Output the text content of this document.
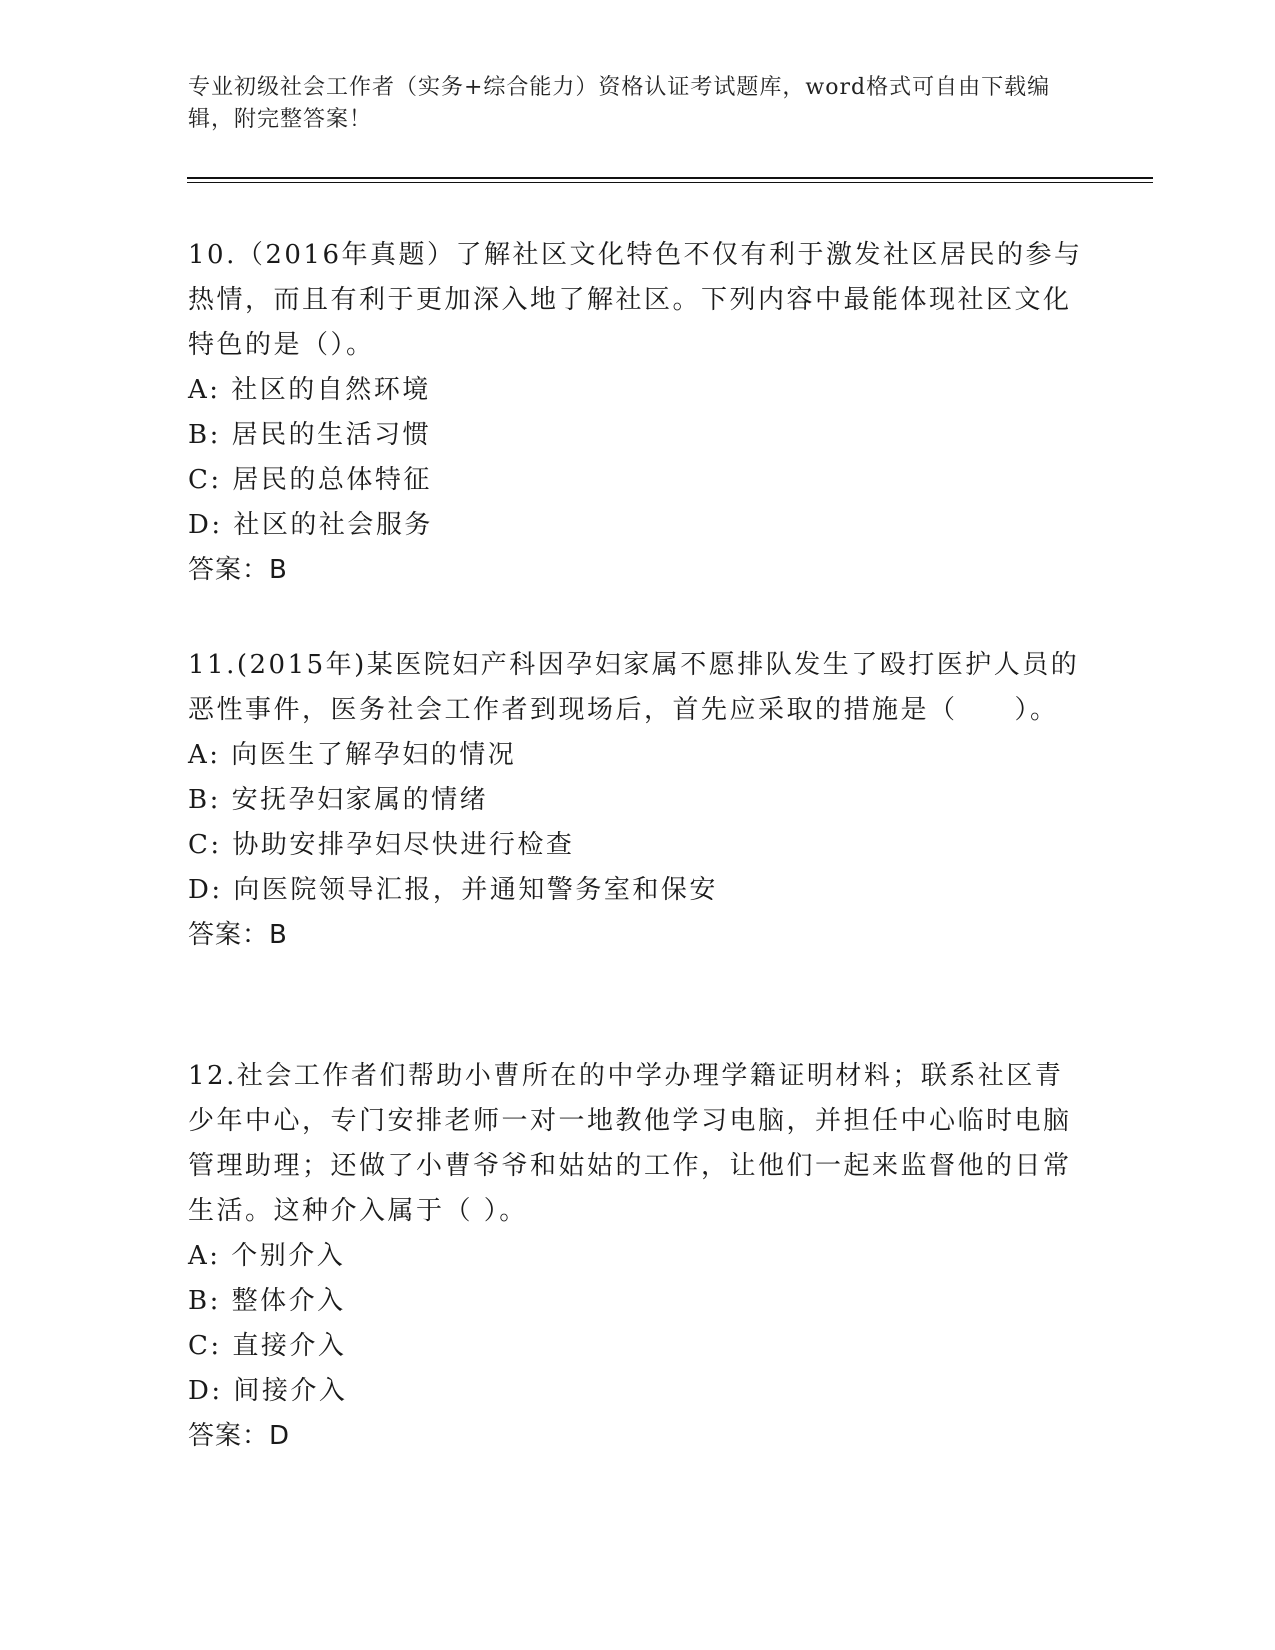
专业初级社会工作者（实务+综合能力）资格认证考试题库，word格式可自由下载编辑，附完整答案！
10.（2016年真题）了解社区文化特色不仅有利于激发社区居民的参与热情，而且有利于更加深入地了解社区。下列内容中最能体现社区文化特色的是（）。
A: 社区的自然环境
B: 居民的生活习惯
C: 居民的总体特征
D: 社区的社会服务
答案：B
11.(2015年)某医院妇产科因孕妇家属不愿排队发生了殴打医护人员的恶性事件，医务社会工作者到现场后，首先应采取的措施是（　　）。
A: 向医生了解孕妇的情况
B: 安抚孕妇家属的情绪
C: 协助安排孕妇尽快进行检查
D: 向医院领导汇报，并通知警务室和保安
答案：B
12.社会工作者们帮助小曹所在的中学办理学籍证明材料；联系社区青少年中心，专门安排老师一对一地教他学习电脑，并担任中心临时电脑管理助理；还做了小曹爷爷和姑姑的工作，让他们一起来监督他的日常生活。这种介入属于（ ）。
A: 个别介入
B: 整体介入
C: 直接介入
D: 间接介入
答案：D
